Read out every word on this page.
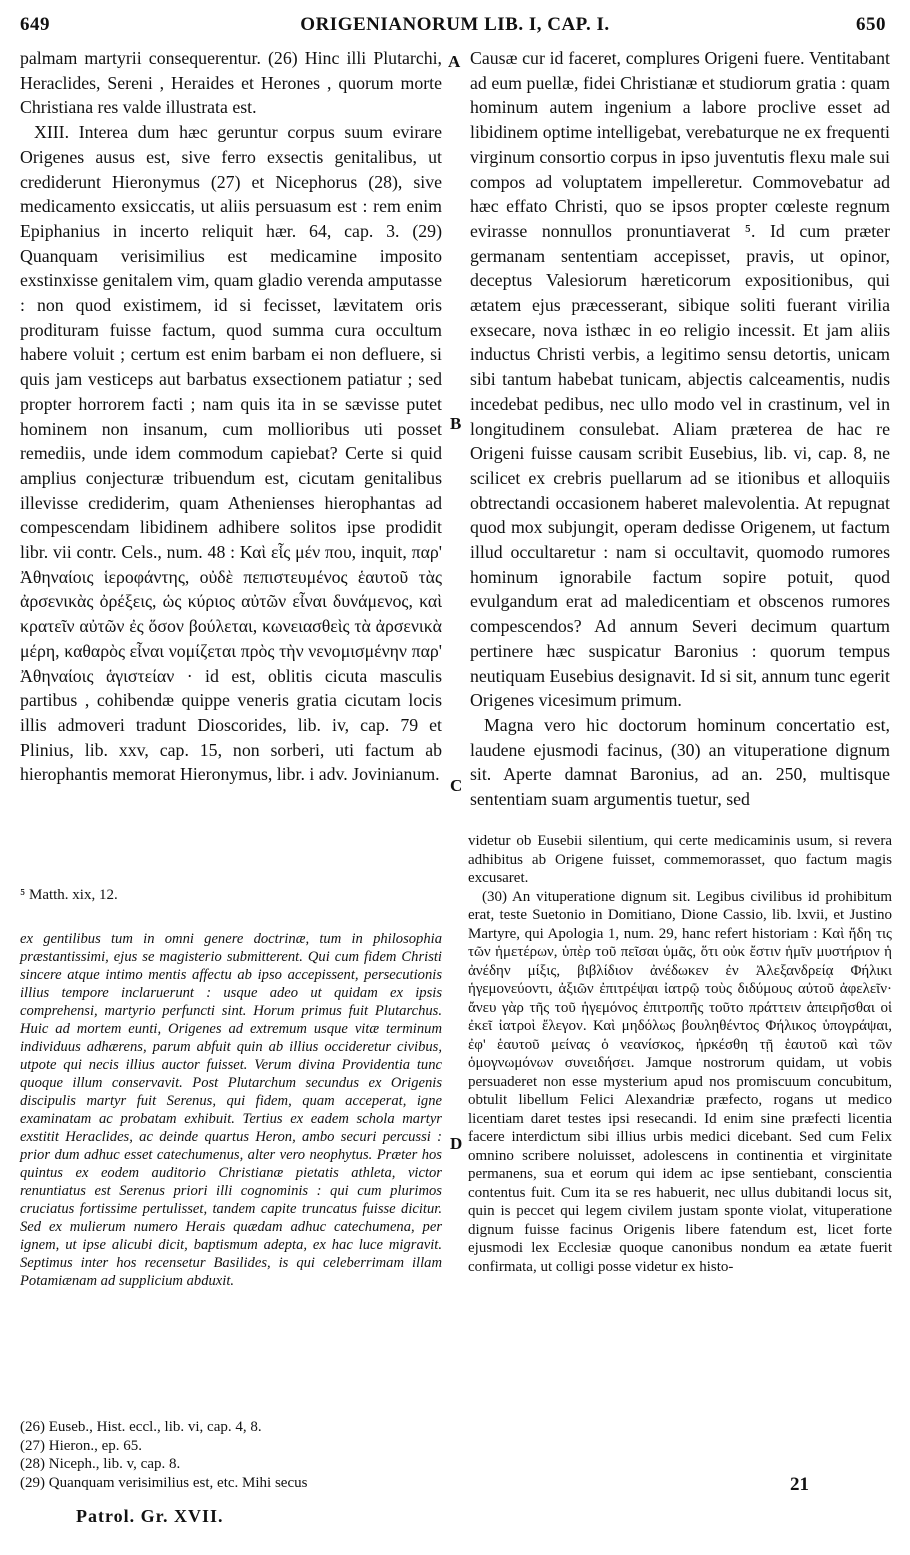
649	ORIGENIANORUM LIB. I, CAP. I.	650

palmam martyrii consequerentur. (26) Hinc illi Plutarchi, Heraclides, Sereni , Heraides et Herones , quorum morte Christiana res valde illustrata est.

XIII. Interea dum hæc geruntur corpus suum evirare Origenes ausus est, sive ferro exsectis genitalibus, ut crediderunt Hieronymus (27) et Nicephorus (28), sive medicamento exsiccatis, ut aliis persuasum est : rem enim Epiphanius in incerto reliquit hær. 64, cap. 3. (29) Quanquam verisimilius est medicamine imposito exstinxisse genitalem vim, quam gladio verenda amputasse : non quod existimem, id si fecisset, lævitatem oris prodituram fuisse factum, quod summa cura occultum habere voluit ; certum est enim barbam ei non defluere, si quis jam vesticeps aut barbatus exsectionem patiatur ; sed propter horrorem facti ; nam quis ita in se sævisse putet hominem non insanum, cum mollioribus uti posset remediis, unde idem commodum capiebat? Certe si quid amplius conjecturæ tribuendum est, cicutam genitalibus illevisse crediderim, quam Athenienses hierophantas ad compescendam libidinem adhibere solitos ipse prodidit libr. vii contr. Cels., num. 48 : Καὶ εἷς μέν που, inquit, παρ' Ἀθηναίοις ἱεροφάντης, οὐδὲ πεπιστευμένος ἑαυτοῦ τὰς ἀρσενικὰς ὀρέξεις, ὡς κύριος αὐτῶν εἶναι δυνάμενος, καὶ κρατεῖν αὐτῶν ἐς ὅσον βούλεται, κωνειασθεὶς τὰ ἀρσενικὰ μέρη, καθαρὸς εἶναι νομίζεται πρὸς τὴν νενομισμένην παρ' Ἀθηναίοις ἁγιστείαν · id est, oblitis cicuta masculis partibus , cohibendæ quippe veneris gratia cicutam locis illis admoveri tradunt Dioscorides, lib. iv, cap. 79 et Plinius, lib. xxv, cap. 15, non sorberi, uti factum ab hierophantis memorat Hieronymus, libr. i adv. Jovinianum.

⁵ Matth. xix, 12.

Causæ cur id faceret, complures Origeni fuere. Ventitabant ad eum puellæ, fidei Christianæ et studiorum gratia : quam hominum autem ingenium a labore proclive esset ad libidinem optime intelligebat, verebaturque ne ex frequenti virginum consortio corpus in ipso juventutis flexu male sui compos ad voluptatem impelleretur. Commovebatur ad hæc effato Christi, quo se ipsos propter cœleste regnum evirasse nonnullos pronuntiaverat ⁵. Id cum præter germanam sententiam accepisset, pravis, ut opinor, deceptus Valesiorum hæreticorum expositionibus, qui ætatem ejus præcesserant, sibique soliti fuerant virilia exsecare, nova isthæc in eo religio incessit. Et jam aliis inductus Christi verbis, a legitimo sensu detortis, unicam sibi tantum habebat tunicam, abjectis calceamentis, nudis incedebat pedibus, nec ullo modo vel in crastinum, vel in longitudinem consulebat. Aliam præterea de hac re Origeni fuisse causam scribit Eusebius, lib. vi, cap. 8, ne scilicet ex crebris puellarum ad se itionibus et alloquiis obtrectandi occasionem haberet malevolentia. At repugnat quod mox subjungit, operam dedisse Origenem, ut factum illud occultaretur : nam si occultavit, quomodo rumores hominum ignorabile factum sopire potuit, quod evulgandum erat ad maledicentiam et obscenos rumores compescendos? Ad annum Severi decimum quartum pertinere hæc suspicatur Baronius : quorum tempus neutiquam Eusebius designavit. Id si sit, annum tunc egerit Origenes vicesimum primum.

Magna vero hic doctorum hominum concertatio est, laudene ejusmodi facinus, (30) an vituperatione dignum sit. Aperte damnat Baronius, ad an. 250, multisque sententiam suam argumentis tuetur, sed

A
B
C
D

ex gentilibus tum in omni genere doctrinæ, tum in philosophia præstantissimi, ejus se magisterio submitterent. Qui cum fidem Christi sincere atque intimo mentis affectu ab ipso accepissent, persecutionis illius tempore inclaruerunt : usque adeo ut quidam ex ipsis comprehensi, martyrio perfuncti sint. Horum primus fuit Plutarchus. Huic ad mortem eunti, Origenes ad extremum usque vitæ terminum individuus adhærens, parum abfuit quin ab illius occideretur civibus, utpote qui necis illius auctor fuisset. Verum divina Providentia tunc quoque illum conservavit. Post Plutarchum secundus ex Origenis discipulis martyr fuit Serenus, qui fidem, quam acceperat, igne examinatam ac probatam exhibuit. Tertius ex eadem schola martyr exstitit Heraclides, ac deinde quartus Heron, ambo securi percussi : prior dum adhuc esset catechumenus, alter vero neophytus. Præter hos quintus ex eodem auditorio Christianæ pietatis athleta, victor renuntiatus est Serenus priori illi cognominis : qui cum plurimos cruciatus fortissime pertulisset, tandem capite truncatus fuisse dicitur. Sed ex mulierum numero Herais quædam adhuc catechumena, per ignem, ut ipse alicubi dicit, baptismum adepta, ex hac luce migravit. Septimus inter hos recensetur Basilides, is qui celeberrimam illam Potamiænam ad supplicium abduxit.

(26) Euseb., Hist. eccl., lib. vi, cap. 4, 8.

(27) Hieron., ep. 65.

(28) Niceph., lib. v, cap. 8.

(29) Quanquam verisimilius est, etc. Mihi secus

videtur ob Eusebii silentium, qui certe medicaminis usum, si revera adhibitus ab Origene fuisset, commemorasset, quo factum magis excusaret.

(30) An vituperatione dignum sit. Legibus civilibus id prohibitum erat, teste Suetonio in Domitiano, Dione Cassio, lib. lxvii, et Justino Martyre, qui Apologia 1, num. 29, hanc refert historiam : Καὶ ἤδη τις τῶν ἡμετέρων, ὑπὲρ τοῦ πεῖσαι ὑμᾶς, ὅτι οὐκ ἔστιν ἡμῖν μυστήριον ἡ ἀνέδην μίξις, βιβλίδιον ἀνέδωκεν ἐν Ἀλεξανδρείᾳ Φήλικι ἡγεμονεύοντι, ἀξιῶν ἐπιτρέψαι ἰατρῷ τοὺς διδύμους αὐτοῦ ἀφελεῖν· ἄνευ γὰρ τῆς τοῦ ἡγεμόνος ἐπιτροπῆς τοῦτο πράττειν ἀπειρῆσθαι οἱ ἐκεῖ ἰατροὶ ἔλεγον. Καὶ μηδόλως βουληθέντος Φήλικος ὑπογράψαι, ἐφ' ἑαυτοῦ μείνας ὁ νεανίσκος, ἠρκέσθη τῇ ἑαυτοῦ καὶ τῶν ὁμογνωμόνων συνειδήσει. Jamque nostrorum quidam, ut vobis persuaderet non esse mysterium apud nos promiscuum concubitum, obtulit libellum Felici Alexandriæ præfecto, rogans ut medico licentiam daret testes ipsi resecandi. Id enim sine præfecti licentia facere interdictum sibi illius urbis medici dicebant. Sed cum Felix omnino scribere noluisset, adolescens in continentia et virginitate permanens, sua et eorum qui idem ac ipse sentiebant, conscientia contentus fuit. Cum ita se res habuerit, nec ullus dubitandi locus sit, quin is peccet qui legem civilem justam sponte violat, vituperatione dignum fuisse facinus Origenis libere fatendum est, licet forte ejusmodi lex Ecclesiæ quoque canonibus nondum ea ætate fuerit confirmata, ut colligi posse videtur ex histo-

Patrol. Gr. XVII.
21
